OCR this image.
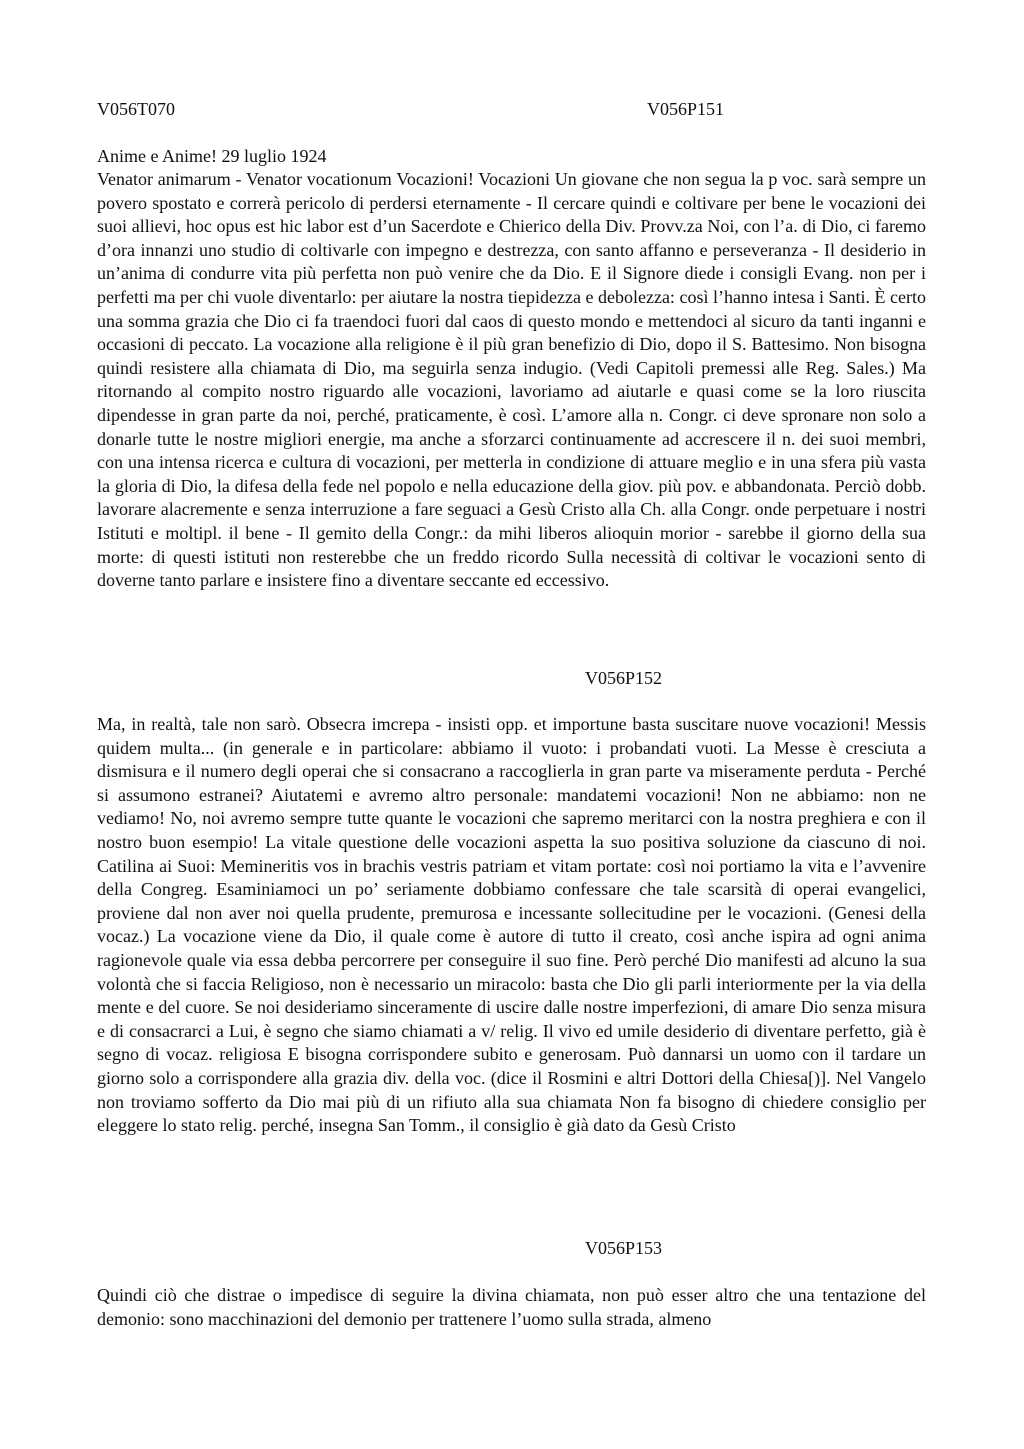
V056T070	V056P151
Anime e Anime! 29 luglio 1924

Venator animarum - Venator vocationum Vocazioni! Vocazioni Un giovane che non segua la p voc. sarà sempre un povero spostato e correrà pericolo di perdersi eternamente - Il cercare quindi e coltivare per bene le vocazioni dei suoi allievi, hoc opus est hic labor est d’un Sacerdote e Chierico della Div. Provv.za Noi, con l’a. di Dio, ci faremo d’ora innanzi uno studio di coltivarle con impegno e destrezza, con santo affanno e perseveranza - Il desiderio in un’anima di condurre vita più perfetta non può venire che da Dio. E il Signore diede i consigli Evang. non per i perfetti ma per chi vuole diventarlo: per aiutare la nostra tiepidezza e debolezza: così l’hanno intesa i Santi. È certo una somma grazia che Dio ci fa traendoci fuori dal caos di questo mondo e mettendoci al sicuro da tanti inganni e occasioni di peccato. La vocazione alla religione è il più gran benefizio di Dio, dopo il S. Battesimo. Non bisogna quindi resistere alla chiamata di Dio, ma seguirla senza indugio. (Vedi Capitoli premessi alle Reg. Sales.) Ma ritornando al compito nostro riguardo alle vocazioni, lavoriamo ad aiutarle e quasi come se la loro riuscita dipendesse in gran parte da noi, perché, praticamente, è così. L’amore alla n. Congr. ci deve spronare non solo a donarle tutte le nostre migliori energie, ma anche a sforzarci continuamente ad accrescere il n. dei suoi membri, con una intensa ricerca e cultura di vocazioni, per metterla in condizione di attuare meglio e in una sfera più vasta la gloria di Dio, la difesa della fede nel popolo e nella educazione della giov. più pov. e abbandonata. Perciò dobb. lavorare alacremente e senza interruzione a fare seguaci a Gesù Cristo alla Ch. alla Congr. onde perpetuare i nostri Istituti e moltipl. il bene - Il gemito della Congr.: da mihi liberos alioquin morior - sarebbe il giorno della sua morte: di questi istituti non resterebbe che un freddo ricordo Sulla necessità di coltivar le vocazioni sento di doverne tanto parlare e insistere fino a diventare seccante ed eccessivo.

V056P152

Ma, in realtà, tale non sarò. Obsecra imcrepa - insisti opp. et importune basta suscitare nuove vocazioni! Messis quidem multa... (in generale e in particolare: abbiamo il vuoto: i probandati vuoti. La Messe è cresciuta a dismisura e il numero degli operai che si consacrano a raccoglierla in gran parte va miseramente perduta - Perché si assumono estranei? Aiutatemi e avremo altro personale: mandatemi vocazioni! Non ne abbiamo: non ne vediamo! No, noi avremo sempre tutte quante le vocazioni che sapremo meritarci con la nostra preghiera e con il nostro buon esempio! La vitale questione delle vocazioni aspetta la suo positiva soluzione da ciascuno di noi. Catilina ai Suoi: Memineritis vos in brachis vestris patriam et vitam portate: così noi portiamo la vita e l’avvenire della Congreg. Esaminiamoci un po’ seriamente dobbiamo confessare che tale scarsità di operai evangelici, proviene dal non aver noi quella prudente, premurosa e incessante sollecitudine per le vocazioni. (Genesi della vocaz.) La vocazione viene da Dio, il quale come è autore di tutto il creato, così anche ispira ad ogni anima ragionevole quale via essa debba percorrere per conseguire il suo fine. Però perché Dio manifesti ad alcuno la sua volontà che si faccia Religioso, non è necessario un miracolo: basta che Dio gli parli interiormente per la via della mente e del cuore. Se noi desideriamo sinceramente di uscire dalle nostre imperfezioni, di amare Dio senza misura e di consacrarci a Lui, è segno che siamo chiamati a v/ relig. Il vivo ed umile desiderio di diventare perfetto, già è segno di vocaz. religiosa E bisogna corrispondere subito e generosam. Può dannarsi un uomo con il tardare un giorno solo a corrispondere alla grazia div. della voc. (dice il Rosmini e altri Dottori della Chiesa[)]. Nel Vangelo non troviamo sofferto da Dio mai più di un rifiuto alla sua chiamata Non fa bisogno di chiedere consiglio per eleggere lo stato relig. perché, insegna San Tomm., il consiglio è già dato da Gesù Cristo

V056P153

Quindi ciò che distrae o impedisce di seguire la divina chiamata, non può esser altro che una tentazione del demonio: sono macchinazioni del demonio per trattenere l’uomo sulla strada, almeno
